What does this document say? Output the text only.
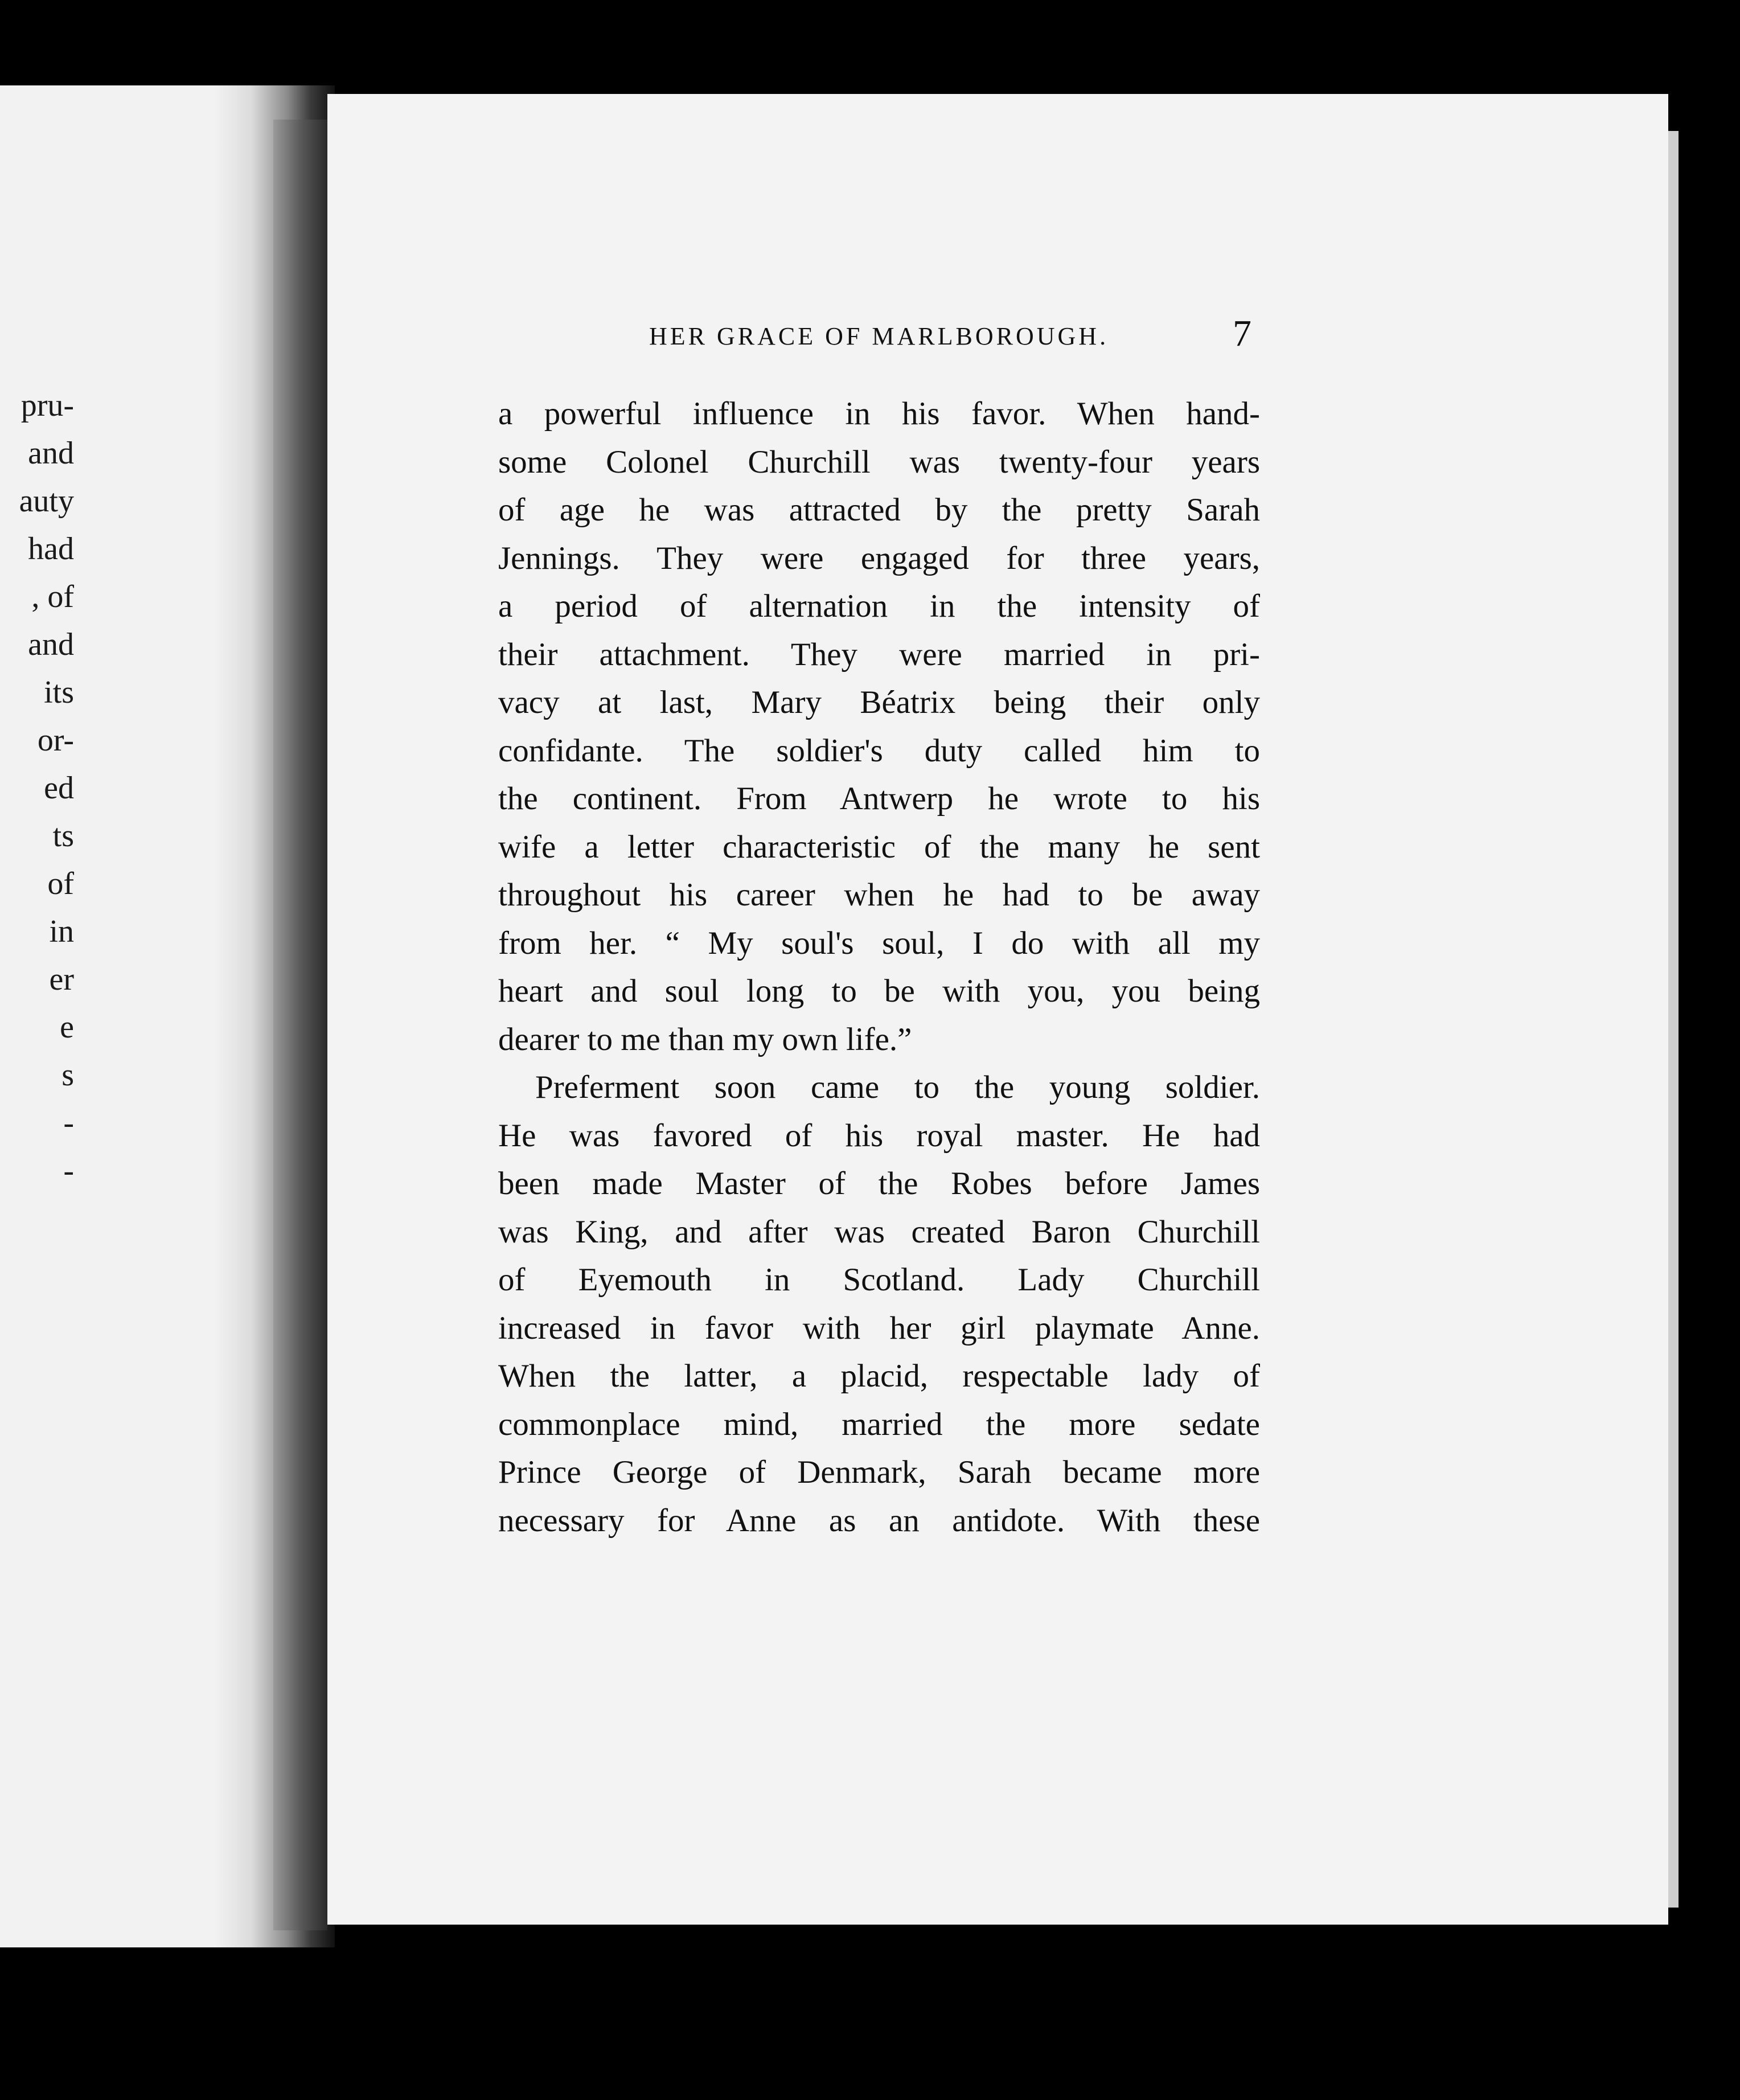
pru-
and
auty
had
, of
and
its
or-
ed
ts
of
in
er
e
s
-
-
HER GRACE OF MARLBOROUGH.	7
a powerful influence in his favor. When hand-
some Colonel Churchill was twenty-four years
of age he was attracted by the pretty Sarah
Jennings. They were engaged for three years,
a period of alternation in the intensity of
their attachment. They were married in pri-
vacy at last, Mary Béatrix being their only
confidante. The soldier's duty called him to
the continent. From Antwerp he wrote to his
wife a letter characteristic of the many he sent
throughout his career when he had to be away
from her. “ My soul's soul, I do with all my
heart and soul long to be with you, you being
dearer to me than my own life.”
Preferment soon came to the young soldier.
He was favored of his royal master. He had
been made Master of the Robes before James
was King, and after was created Baron Churchill
of Eyemouth in Scotland. Lady Churchill
increased in favor with her girl playmate Anne.
When the latter, a placid, respectable lady of
commonplace mind, married the more sedate
Prince George of Denmark, Sarah became more
necessary for Anne as an antidote. With these
